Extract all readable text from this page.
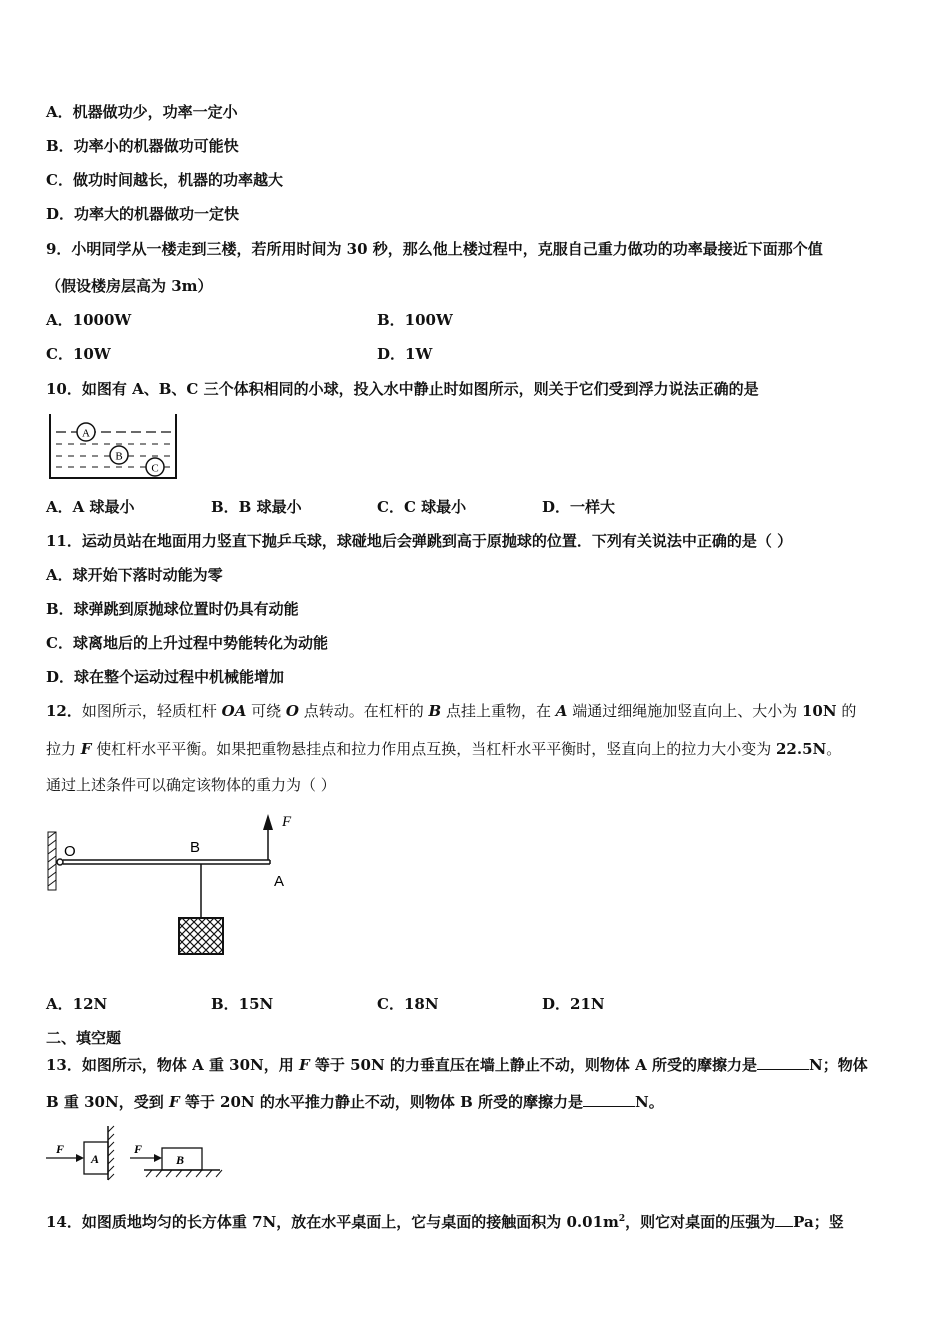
A．机器做功少，功率一定小
B．功率小的机器做功可能快
C．做功时间越长，机器的功率越大
D．功率大的机器做功一定快
9．小明同学从一楼走到三楼，若所用时间为 30 秒，那么他上楼过程中，克服自己重力做功的功率最接近下面那个值
（假设楼房层高为 3m）
A．1000W	B．100W
C．10W	D．1W
10．如图有 A、B、C 三个体积相同的小球，投入水中静止时如图所示，则关于它们受到浮力说法正确的是
A
B
C
A．A 球最小	B．B 球最小	C．C 球最小	D．一样大
11．运动员站在地面用力竖直下抛乒乓球，球碰地后会弹跳到高于原抛球的位置．下列有关说法中正确的是（ ）
A．球开始下落时动能为零
B．球弹跳到原抛球位置时仍具有动能
C．球离地后的上升过程中势能转化为动能
D．球在整个运动过程中机械能增加
12．如图所示，轻质杠杆 OA 可绕 O 点转动。在杠杆的 B 点挂上重物，在 A 端通过细绳施加竖直向上、大小为 10N 的
拉力 F 使杠杆水平平衡。如果把重物悬挂点和拉力作用点互换，当杠杆水平平衡时，竖直向上的拉力大小变为 22.5N。
通过上述条件可以确定该物体的重力为（ ）
F
O	B
A
A．12N	B．15N	C．18N	D．21N
二、填空题
13．如图所示，物体 A 重 30N，用 F 等于 50N 的力垂直压在墙上静止不动，则物体 A 所受的摩擦力是	N；物体
B 重 30N，受到 F 等于 20N 的水平推力静止不动，则物体 B 所受的摩擦力是	N。
F
A
F
B
14．如图质地均匀的长方体重 7N，放在水平桌面上，它与桌面的接触面积为 $0.01m^2$，则它对桌面的压强为 Pa；竖
